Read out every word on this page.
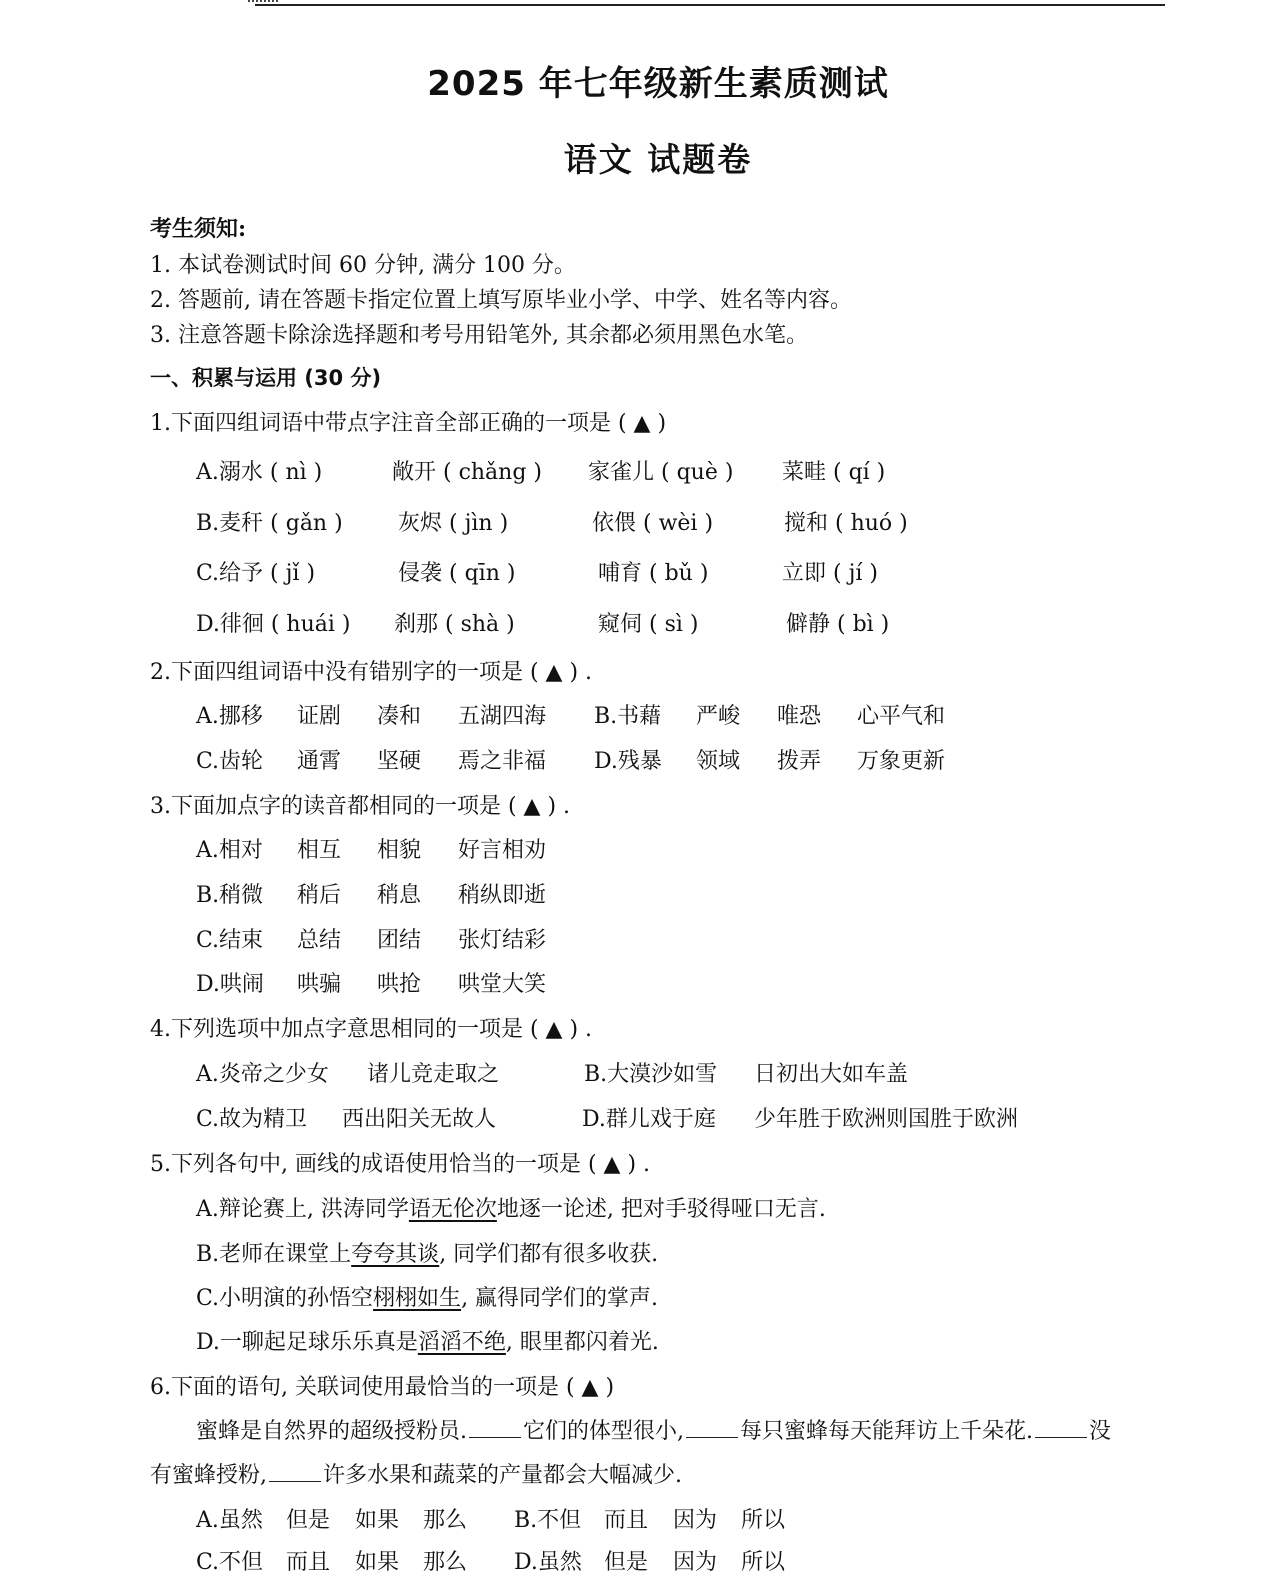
2025 年七年级新生素质测试
语文 试题卷
考生须知:
1. 本试卷测试时间 60 分钟, 满分 100 分。
2. 答题前, 请在答题卡指定位置上填写原毕业小学、中学、姓名等内容。
3. 注意答题卡除涂选择题和考号用铅笔外, 其余都必须用黑色水笔。
一、积累与运用 (30 分)
1.下面四组词语中带点字注音全部正确的一项是 ( ▲ )
A.溺水 ( nì )	敞开 ( chǎng ) 家雀儿 ( què ) 菜畦 ( qí )
B.麦秆 ( gǎn )	灰烬 ( jìn )	依偎 ( wèi )	搅和 ( huó )
C.给予 ( jǐ )	侵袭 ( qīn )	哺育 ( bǔ )	立即 ( jí )
D.徘徊 ( huái ) 刹那 ( shà )	窥伺 ( sì )	僻静 ( bì )
2.下面四组词语中没有错别字的一项是 ( ▲ ) .
A.挪移 证剧 凑和 五湖四海 B.书藉 严峻 唯恐 心平气和
C.齿轮 通霄 坚硬 焉之非福 D.残暴 领域 拨弄 万象更新
3.下面加点字的读音都相同的一项是 ( ▲ ) .
A.相对 相互 相貌 好言相劝
B.稍微 稍后 稍息 稍纵即逝
C.结束 总结 团结 张灯结彩
D.哄闹 哄骗 哄抢 哄堂大笑
4.下列选项中加点字意思相同的一项是 ( ▲ ) .
A.炎帝之少女 诸儿竞走取之	B.大漠沙如雪 日初出大如车盖
C.故为精卫 西出阳关无故人	D.群儿戏于庭 少年胜于欧洲则国胜于欧洲
5.下列各句中, 画线的成语使用恰当的一项是 ( ▲ ) .
A.辩论赛上, 洪涛同学语无伦次地逐一论述, 把对手驳得哑口无言.
B.老师在课堂上夸夸其谈, 同学们都有很多收获.
C.小明演的孙悟空栩栩如生, 赢得同学们的掌声.
D.一聊起足球乐乐真是滔滔不绝, 眼里都闪着光.
6.下面的语句, 关联词使用最恰当的一项是 ( ▲ )
蜜蜂是自然界的超级授粉员.	它们的体型很小,	每只蜜蜂每天能拜访上千朵花.	没
有蜜蜂授粉,	许多水果和蔬菜的产量都会大幅减少.
A.虽然 但是 如果 那么 B.不但 而且 因为 所以
C.不但 而且 如果 那么 D.虽然 但是 因为 所以
